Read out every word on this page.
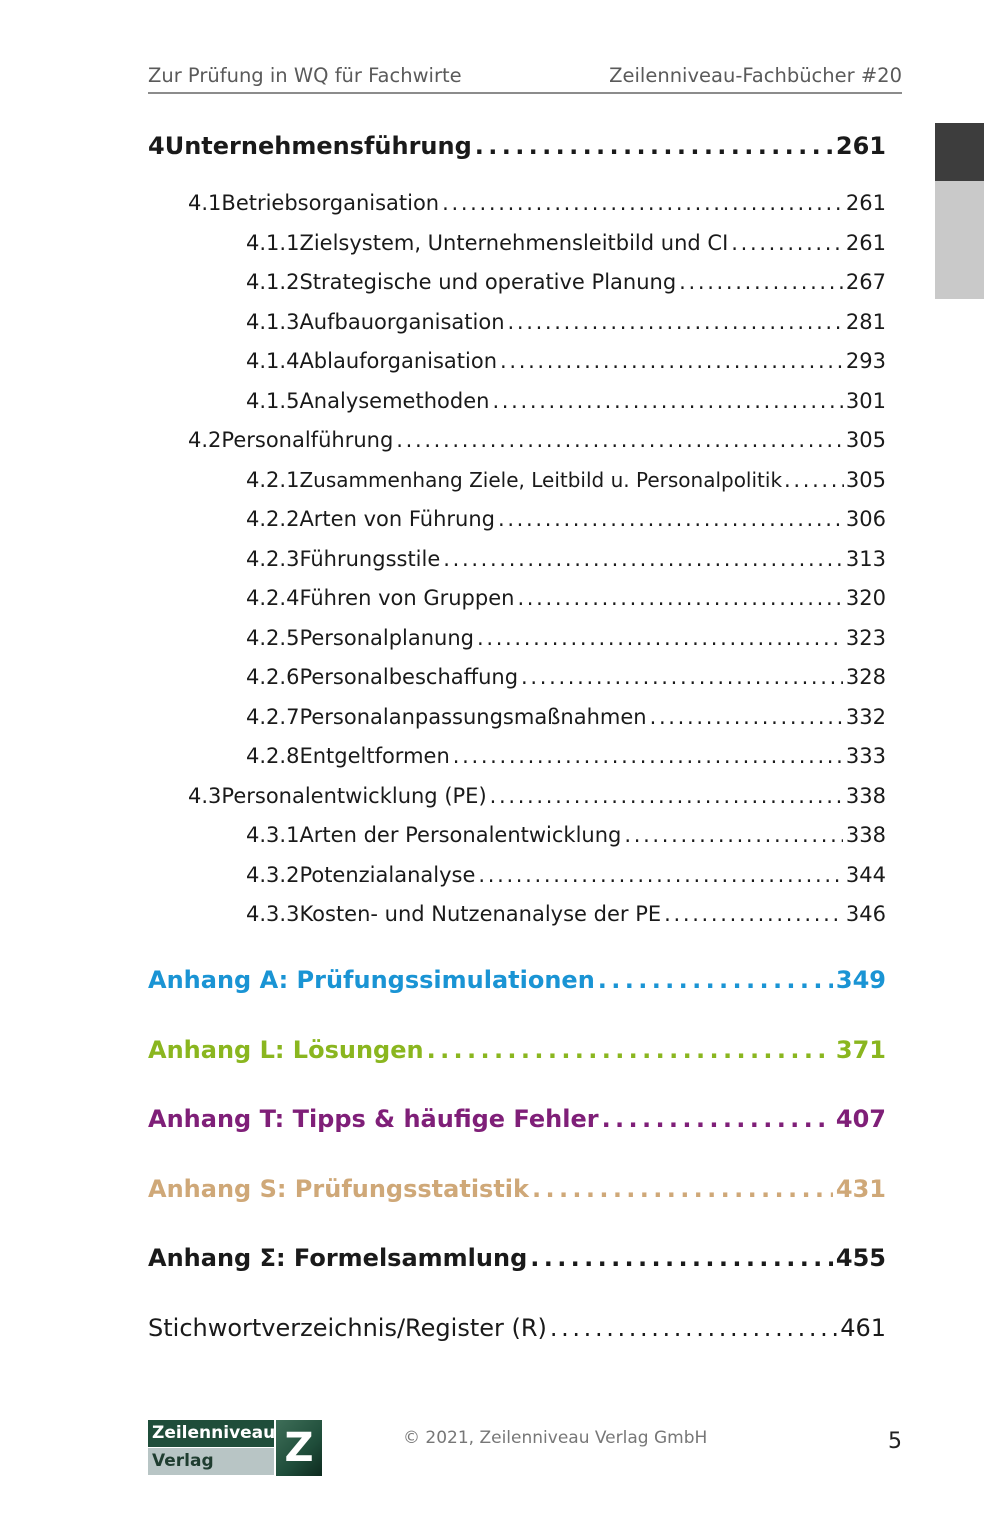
Zur Prüfung in WQ für Fachwirte	Zeilenniveau-Fachbücher #20
4 Unternehmensführung . . .	261
4.1 Betriebsorganisation . . .	261
4.1.1 Zielsystem, Unternehmensleitbild und CI . . .	261
4.1.2 Strategische und operative Planung . . .	267
4.1.3 Aufbauorganisation . . .	281
4.1.4 Ablauforganisation . . .	293
4.1.5 Analysemethoden . . .	301
4.2 Personalführung . . .	305
4.2.1 Zusammenhang Ziele, Leitbild u. Personalpolitik . . .	305
4.2.2 Arten von Führung . . .	306
4.2.3 Führungsstile . . .	313
4.2.4 Führen von Gruppen . . .	320
4.2.5 Personalplanung . . .	323
4.2.6 Personalbeschaffung . . .	328
4.2.7 Personalanpassungsmaßnahmen . . .	332
4.2.8 Entgeltformen . . .	333
4.3 Personalentwicklung (PE) . . .	338
4.3.1 Arten der Personalentwicklung . . .	338
4.3.2 Potenzialanalyse . . .	344
4.3.3 Kosten- und Nutzenanalyse der PE . . .	346
Anhang A: Prüfungssimulationen . . .	349
Anhang L: Lösungen . . .	371
Anhang T: Tipps & häufige Fehler . . .	407
Anhang S: Prüfungsstatistik . . .	431
Anhang Σ: Formelsammlung . . .	455
Stichwortverzeichnis/Register (R) . . .	461
Zeilenniveau
Verlag	Z	© 2021, Zeilenniveau Verlag GmbH	5
